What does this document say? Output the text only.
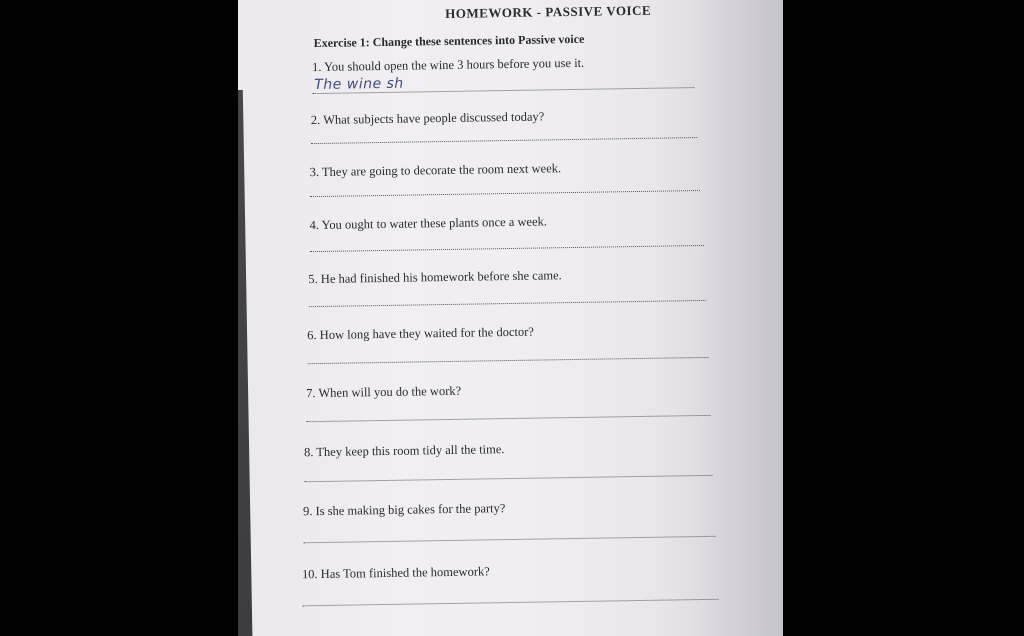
HOMEWORK - PASSIVE VOICE
Exercise 1: Change these sentences into Passive voice
1. You should open the wine 3 hours before you use it.
The wine sh
2. What subjects have people discussed today?
3. They are going to decorate the room next week.
4. You ought to water these plants once a week.
5. He had finished his homework before she came.
6. How long have they waited for the doctor?
7. When will you do the work?
8. They keep this room tidy all the time.
9. Is she making big cakes for the party?
10. Has Tom finished the homework?
